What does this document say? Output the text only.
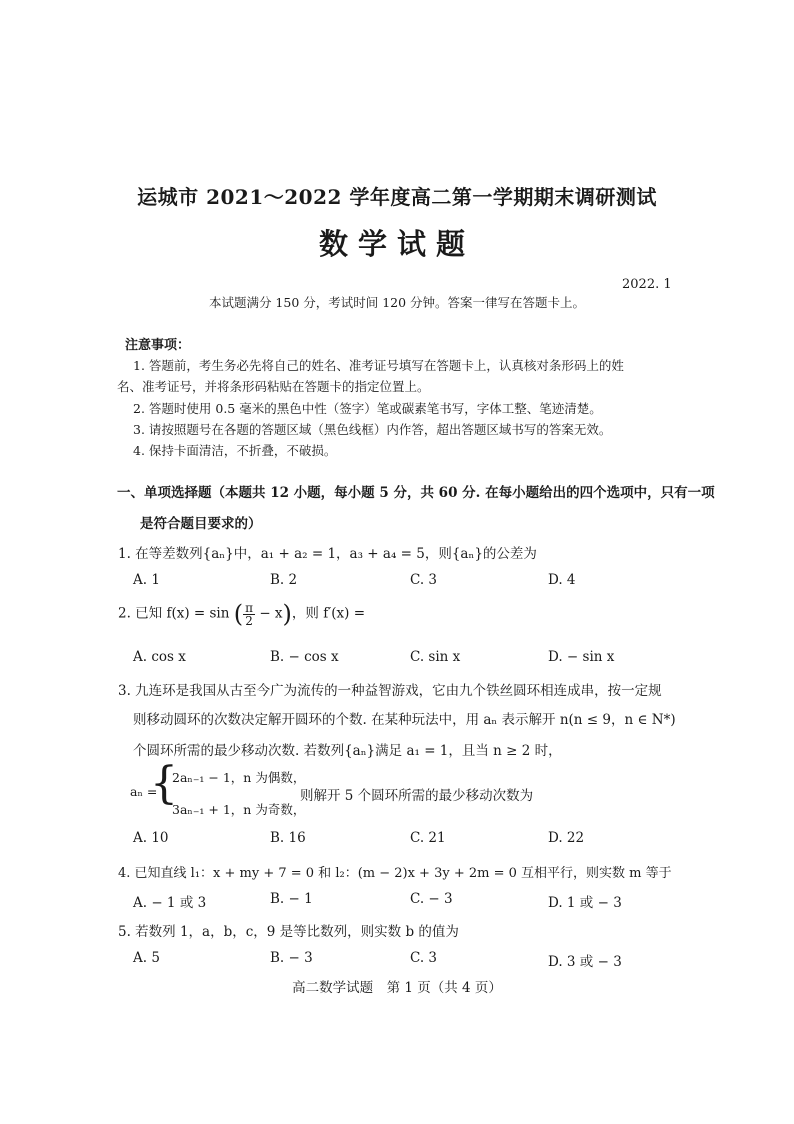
运城市 2021～2022 学年度高二第一学期期末调研测试
数学试题
2022. 1
本试题满分 150 分，考试时间 120 分钟。答案一律写在答题卡上。
注意事项：
1. 答题前，考生务必先将自己的姓名、准考证号填写在答题卡上，认真核对条形码上的姓
名、准考证号，并将条形码粘贴在答题卡的指定位置上。
2. 答题时使用 0.5 毫米的黑色中性（签字）笔或碳素笔书写，字体工整、笔迹清楚。
3. 请按照题号在各题的答题区域（黑色线框）内作答，超出答题区域书写的答案无效。
4. 保持卡面清洁，不折叠，不破损。
一、单项选择题（本题共 12 小题，每小题 5 分，共 60 分. 在每小题给出的四个选项中，只有一项
是符合题目要求的）
1. 在等差数列{aₙ}中，a₁ + a₂ = 1，a₃ + a₄ = 5，则{aₙ}的公差为
A. 1	B. 2	C. 3	D. 4
2. 已知 f(x) = sin ( $\frac{\pi}{2} - x$)，则 f′(x) =
A. cos x	B. − cos x	C. sin x	D. − sin x
3. 九连环是我国从古至今广为流传的一种益智游戏，它由九个铁丝圆环相连成串，按一定规
则移动圆环的次数决定解开圆环的个数. 在某种玩法中，用 aₙ 表示解开 n(n ≤ 9，n ∈ N*)
个圆环所需的最少移动次数. 若数列{aₙ}满足 a₁ = 1，且当 n ≥ 2 时，
aₙ =
{
2aₙ₋₁ − 1，n 为偶数，
3aₙ₋₁ + 1，n 为奇数，
则解开 5 个圆环所需的最少移动次数为
A. 10	B. 16	C. 21	D. 22
4. 已知直线 l₁：x + my + 7 = 0 和 l₂：(m − 2)x + 3y + 2m = 0 互相平行，则实数 m 等于
A. − 1 或 3	B. − 1	C. − 3	D. 1 或 − 3
5. 若数列 1，a，b，c，9 是等比数列，则实数 b 的值为
A. 5	B. − 3	C. 3	D. 3 或 − 3
高二数学试题　第 1 页（共 4 页）
